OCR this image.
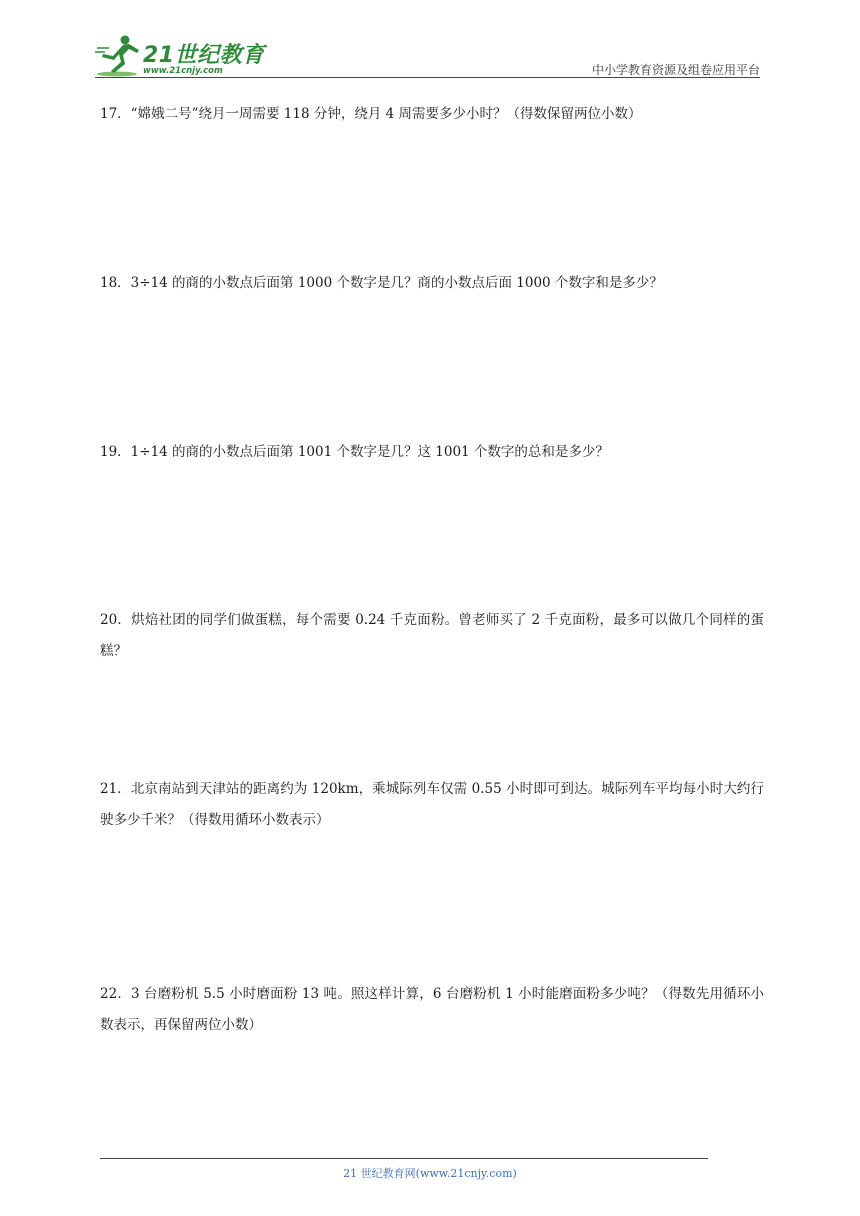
21世纪教育
www.21cnjy.com	中小学教育资源及组卷应用平台
17．“嫦娥二号”绕月一周需要 118 分钟，绕月 4 周需要多少小时？（得数保留两位小数）
18．3÷14 的商的小数点后面第 1000 个数字是几？商的小数点后面 1000 个数字和是多少？
19．1÷14 的商的小数点后面第 1001 个数字是几？这 1001 个数字的总和是多少？
20．烘焙社团的同学们做蛋糕，每个需要 0.24 千克面粉。曾老师买了 2 千克面粉，最多可以做几个同样的蛋糕？
21．北京南站到天津站的距离约为 120km，乘城际列车仅需 0.55 小时即可到达。城际列车平均每小时大约行驶多少千米？（得数用循环小数表示）
22．3 台磨粉机 5.5 小时磨面粉 13 吨。照这样计算，6 台磨粉机 1 小时能磨面粉多少吨？（得数先用循环小数表示，再保留两位小数）
21 世纪教育网(www.21cnjy.com)
